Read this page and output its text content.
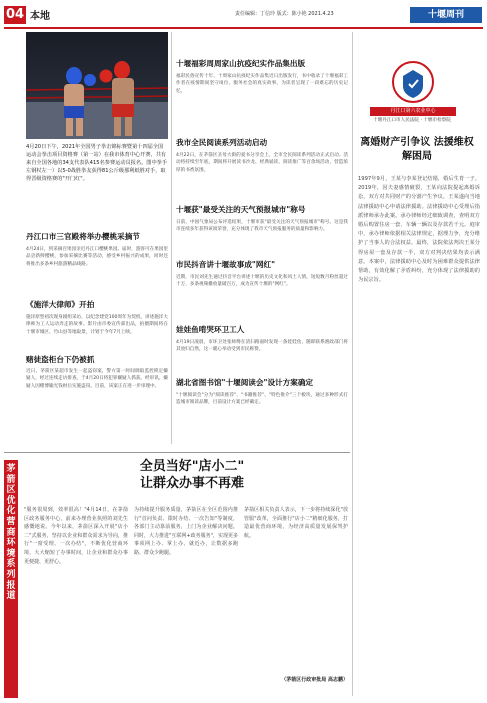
04 本地	责任编辑：丁信玲 版式：陈小艳 2021.4.23	十堰周刊
4月20日下午，2021年全国男子拳击锦标赛暨第十四届全国运动会拳击项目资格赛（第一站）在我市体育中心开赛，共有来自全国各地的34支代表队415名参赛运动员报名。图中拳手左钢杖左一）以5-0战胜拳友获得81公斤级那利纸胜对手，取得晋级资格赛的"开门红"。
丹江口市三官殿将举办樱桃采摘节
4月24日，到采摘百果园亲近丹江口樱桃果园。届时，游客可在果园里品尝新鲜樱桃，参加采摘比赛等活动，感受乡村振兴的成果，同时还将推出多条乡村旅游精品线路。
《施洋大律师》开拍
施洋原型初次现身剧组采访，以纪念建党100周年为契机，讲述施洋大律师为工人运动奔走的故事。影片由市委宣传部出品，拍摄期间将在十堰市城区、竹山县等地取景，计划于今年7月上映。
赌徒盗柜台下仍被抓
近日，茅箭区某超市发生一起盗窃案，警方第一时间调取监控锁定嫌疑人，经过连续走访排查，于4月20日将犯罪嫌疑人抓获。经审讯，嫌疑人因赌博输光钱财后实施盗窃。目前，该案正在进一步审理中。
十堰福彩周周家山抗疫纪实作品集出版
福彩民俗宣传十年、十周家山抗疫纪实作品集近日出版发行，书中收录了十堰福彩工作者在疫情期间坚守岗位、服务社会的真实故事，为读者呈现了一段难忘的历史记忆。
我市全民阅读系列活动启动
4月22日，在茅箭区圣母大街的爱书分享会上，全市全民阅读系列活动正式启动。活动将持续至年底，期间将开展读书沙龙、经典诵读、阅读推广等百余场活动，营造浓厚的书香氛围。
十堰获"最受关注的天气预报城市"称号
日前，中国气象局公布评选结果，十堰市获"最受关注的天气预报城市"称号。这是我市连续多年获得该项荣誉，充分体现了我市天气预报服务的质量和影响力。
市民抖音讲十堰故事成"网红"
近期，市民刘先生通过抖音平台讲述十堰的历史文化和风土人情，短短数月粉丝超过十万，多条视频播放量破百万，成为宣传十堰的"网红"。
娃娃鱼啃哭环卫工人
4月19日凌晨，市环卫处张师傅在清扫路面时发现一条娃娃鱼，随即联系渔政部门将其放归自然，这一暖心举动受到市民称赞。
湖北省图书馆"十堰阅读会"设计方案确定
"十堰阅读会"分为"阅读推荐"、"书籍推荐"、"特色推介"三个板块，通过多种形式打造城市阅读品牌，目前设计方案已经确定。
丹江口第六农业中心
十堰丹江口市人民法院 · 十堰市检察院
离婚财产引争议 法援维权解困局
1997年9月，王某与李某登记结婚，婚后生育一子。2019年，因夫妻感情破裂，王某向法院提起离婚诉讼，双方对共同财产的分割产生争议，王某遂向当地法律援助中心申请法律援助。法律援助中心受理后指派律师承办此案。承办律师经过细致调查，查明双方婚后购置住房一套、车辆一辆以及存款若干元。庭审中，承办律师依据相关法律规定，据理力争，充分维护了当事人的合法权益。最终，法院依法判决王某分得房屋一套及存款一半，双方对判决结果均表示满意。本案中，法律援助中心及时为困难群众提供法律帮助，有效化解了矛盾纠纷，充分体现了法律援助的为民宗旨。
茅箭区优化营商环境系列报道
全员当好"店小二"
让群众办事不再难
"服务很周到，效率很高！"4月14日，在茅箭区政务服务中心，前来办理营业执照的刘先生感慨地说。今年以来，茅箭区深入开展"店小二"式服务，坚持以企业和群众需求为导向，推行"一窗受理、一次办结"，不断优化营商环境，大大缩短了办事时间，让企业和群众办事更便捷、更舒心。
为持续提升服务质量，茅箭区在全区范围内推行"首问负责、限时办结、一次告知"等制度，各部门主动靠前服务，上门为企业解决问题。同时，大力推进"互联网+政务服务"，实现更多事项网上办、掌上办、就近办，让数据多跑路、群众少跑腿。
茅箭区相关负责人表示，下一步将持续深化"放管服"改革，全面推行"店小二"精细化服务，打造最优营商环境，为经济高质量发展保驾护航。
（茅箭区行政审批局 高志鹏）
